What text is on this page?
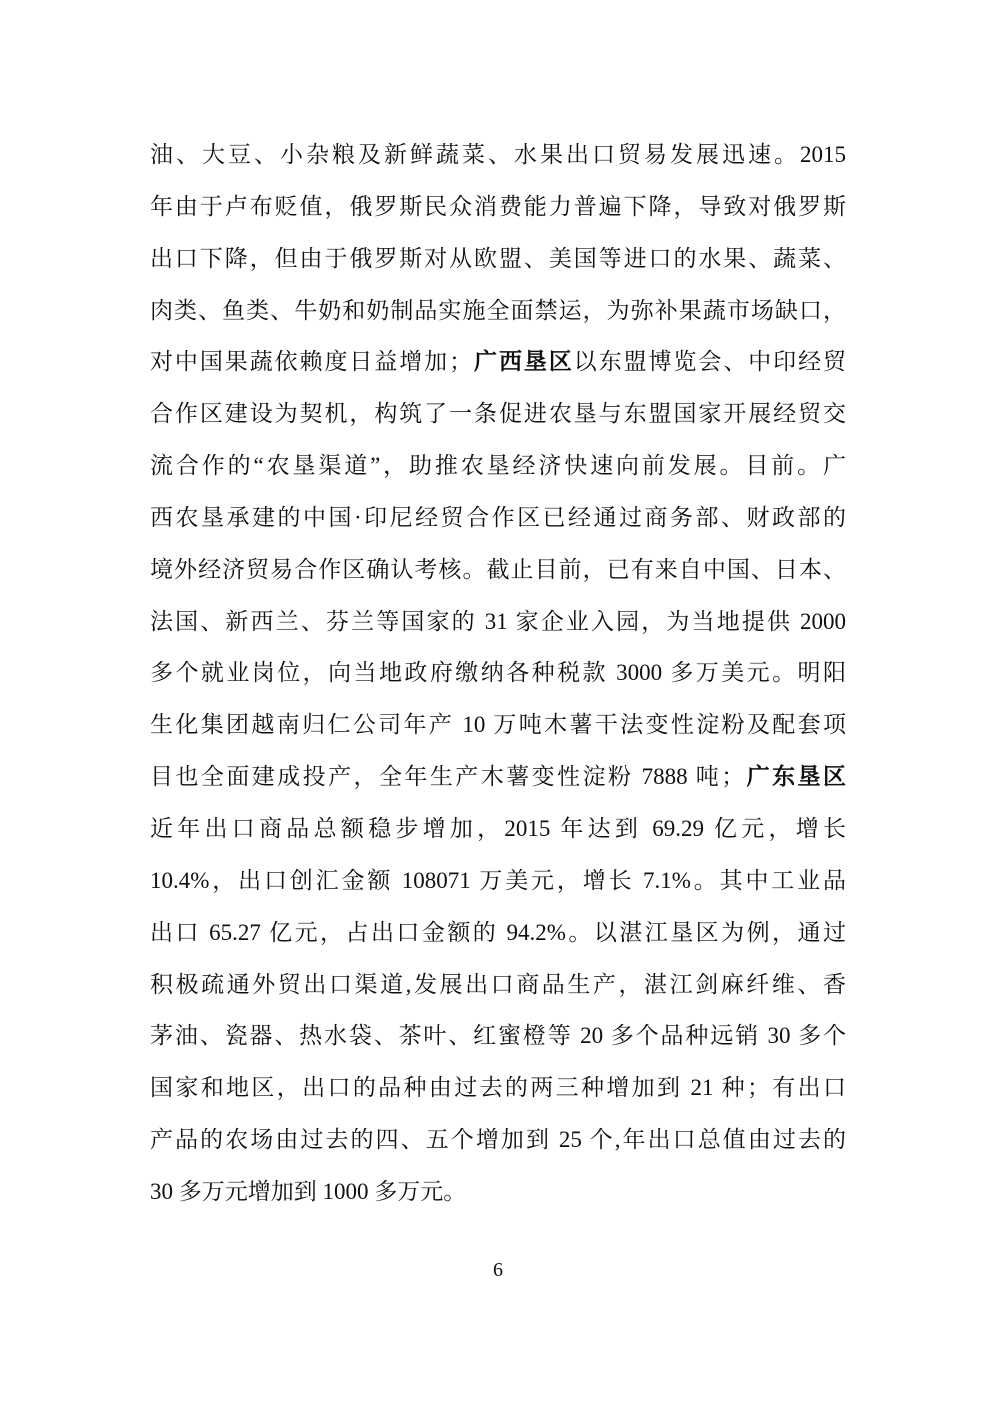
油、大豆、小杂粮及新鲜蔬菜、水果出口贸易发展迅速。2015
年由于卢布贬值，俄罗斯民众消费能力普遍下降，导致对俄罗斯
出口下降，但由于俄罗斯对从欧盟、美国等进口的水果、蔬菜、
肉类、鱼类、牛奶和奶制品实施全面禁运，为弥补果蔬市场缺口，
对中国果蔬依赖度日益增加；广西垦区以东盟博览会、中印经贸
合作区建设为契机，构筑了一条促进农垦与东盟国家开展经贸交
流合作的“农垦渠道”，助推农垦经济快速向前发展。目前。广
西农垦承建的中国·印尼经贸合作区已经通过商务部、财政部的
境外经济贸易合作区确认考核。截止目前，已有来自中国、日本、
法国、新西兰、芬兰等国家的 31 家企业入园，为当地提供 2000
多个就业岗位，向当地政府缴纳各种税款 3000 多万美元。明阳
生化集团越南归仁公司年产 10 万吨木薯干法变性淀粉及配套项
目也全面建成投产，全年生产木薯变性淀粉 7888 吨；广东垦区
近年出口商品总额稳步增加，2015 年达到 69.29 亿元，增长
10.4%，出口创汇金额 108071 万美元，增长 7.1%。其中工业品
出口 65.27 亿元，占出口金额的 94.2%。以湛江垦区为例，通过
积极疏通外贸出口渠道,发展出口商品生产，湛江剑麻纤维、香
茅油、瓷器、热水袋、茶叶、红蜜橙等 20 多个品种远销 30 多个
国家和地区，出口的品种由过去的两三种增加到 21 种；有出口
产品的农场由过去的四、五个增加到 25 个,年出口总值由过去的
30 多万元增加到 1000 多万元。
6
